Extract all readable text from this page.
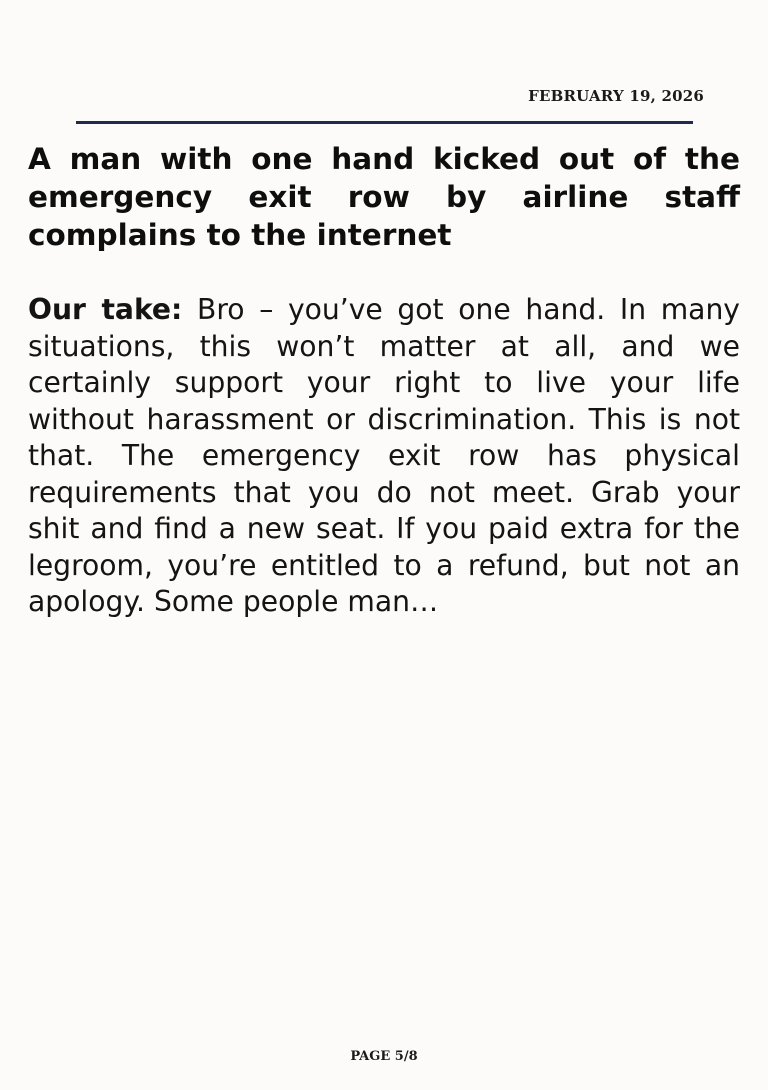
FEBRUARY 19, 2026
A man with one hand kicked out of the emergency exit row by airline staff complains to the internet

Our take: Bro – you’ve got one hand. In many situations, this won’t matter at all, and we certainly support your right to live your life without harassment or discrimination. This is not that. The emergency exit row has physical requirements that you do not meet. Grab your shit and find a new seat. If you paid extra for the legroom, you’re entitled to a refund, but not an apology. Some people man…

PAGE 5/8
